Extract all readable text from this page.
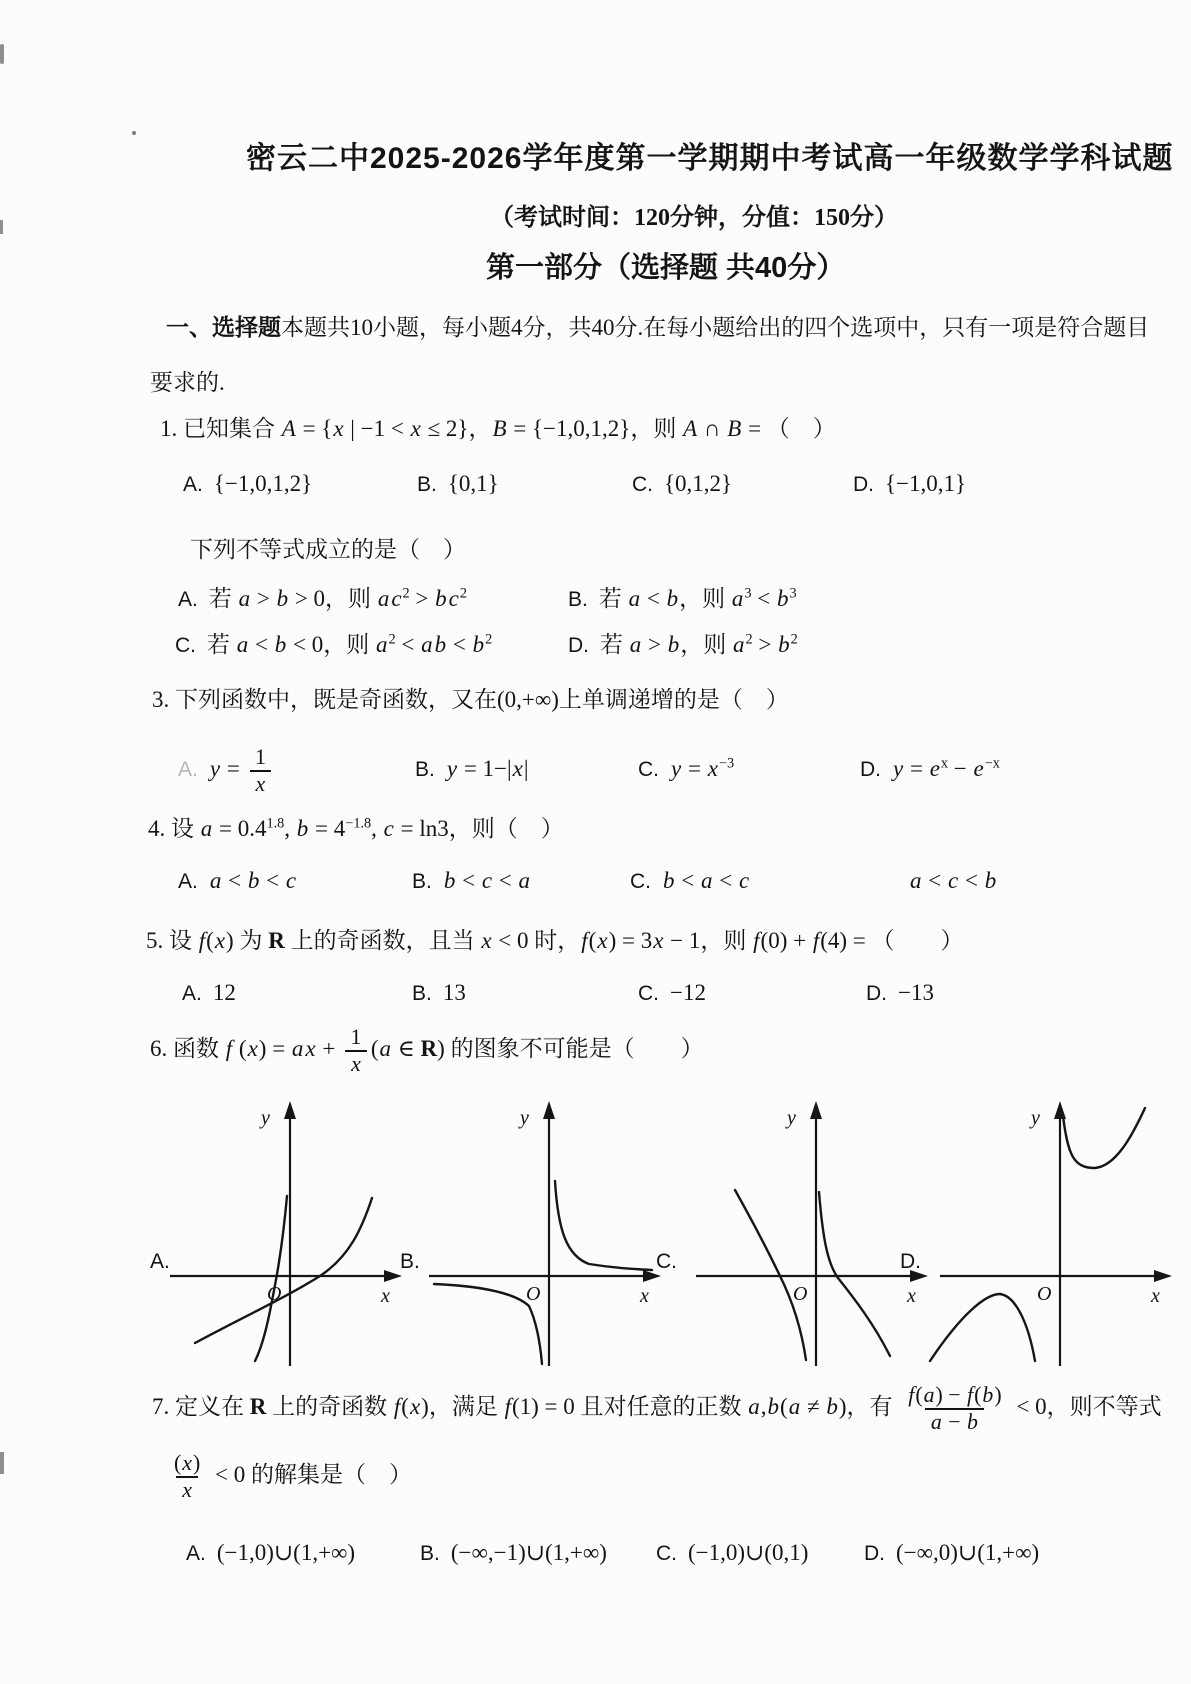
密云二中2025-2026学年度第一学期期中考试高一年级数学学科试题
（考试时间：120分钟，分值：150分）
第一部分（选择题 共40分）
一、选择题本题共10小题，每小题4分，共40分.在每小题给出的四个选项中，只有一项是符合题目
要求的.
1. 已知集合 A = {x | −1 < x ≤ 2}，B = {−1,0,1,2}，则 A ∩ B = （　）
A. {−1,0,1,2}	B. {0,1}	C. {0,1,2}	D. {−1,0,1}
下列不等式成立的是（　）
A. 若 a > b > 0，则 $ac^2 > bc^2$	B. 若 a < b，则 $a^3 < b^3$
C. 若 a < b < 0，则 $a^2$ < ab < $b^2$	D. 若 a > b，则 $a^2 > b^2$
3. 下列函数中，既是奇函数，又在(0,+∞)上单调递增的是（　）
A. $y = \frac{1}{x}$	B. y = 1−|x|	C. $y = x^{-3}$	D. $y = e^x - e^{-x}$
4. 设 $a = 0.4^{1.8}$, $b = 4^{-1.8}$, c = ln3，则（　）
A. a < b < c	B. b < c < a	C. b < a < c	a < c < b
5. 设 f(x) 为 R 上的奇函数，且当 x < 0 时，f(x) = 3x − 1，则 f(0) + f(4) = （　　）
A. 12	B. 13	C. −12	D. −13
6. 函数 f (x) = ax + $\frac{1}{x} (a$ ∈ R) 的图象不可能是（　　）
A.	B.	C.	D.
y
x
O
y
x
O
y
x
O
y
x
O
7. 定义在 R 上的奇函数 f(x)，满足 f(1) = 0 且对任意的正数 a,b(a ≠ b)，有 $\frac{f(a) - f(b)}{a - b} < 0$，则不等式
$\frac{(x)}{x} < 0$ 的解集是（　）
A. (−1,0)∪(1,+∞)	B. (−∞,−1)∪(1,+∞) C. (−1,0)∪(0,1)	D. (−∞,0)∪(1,+∞)
